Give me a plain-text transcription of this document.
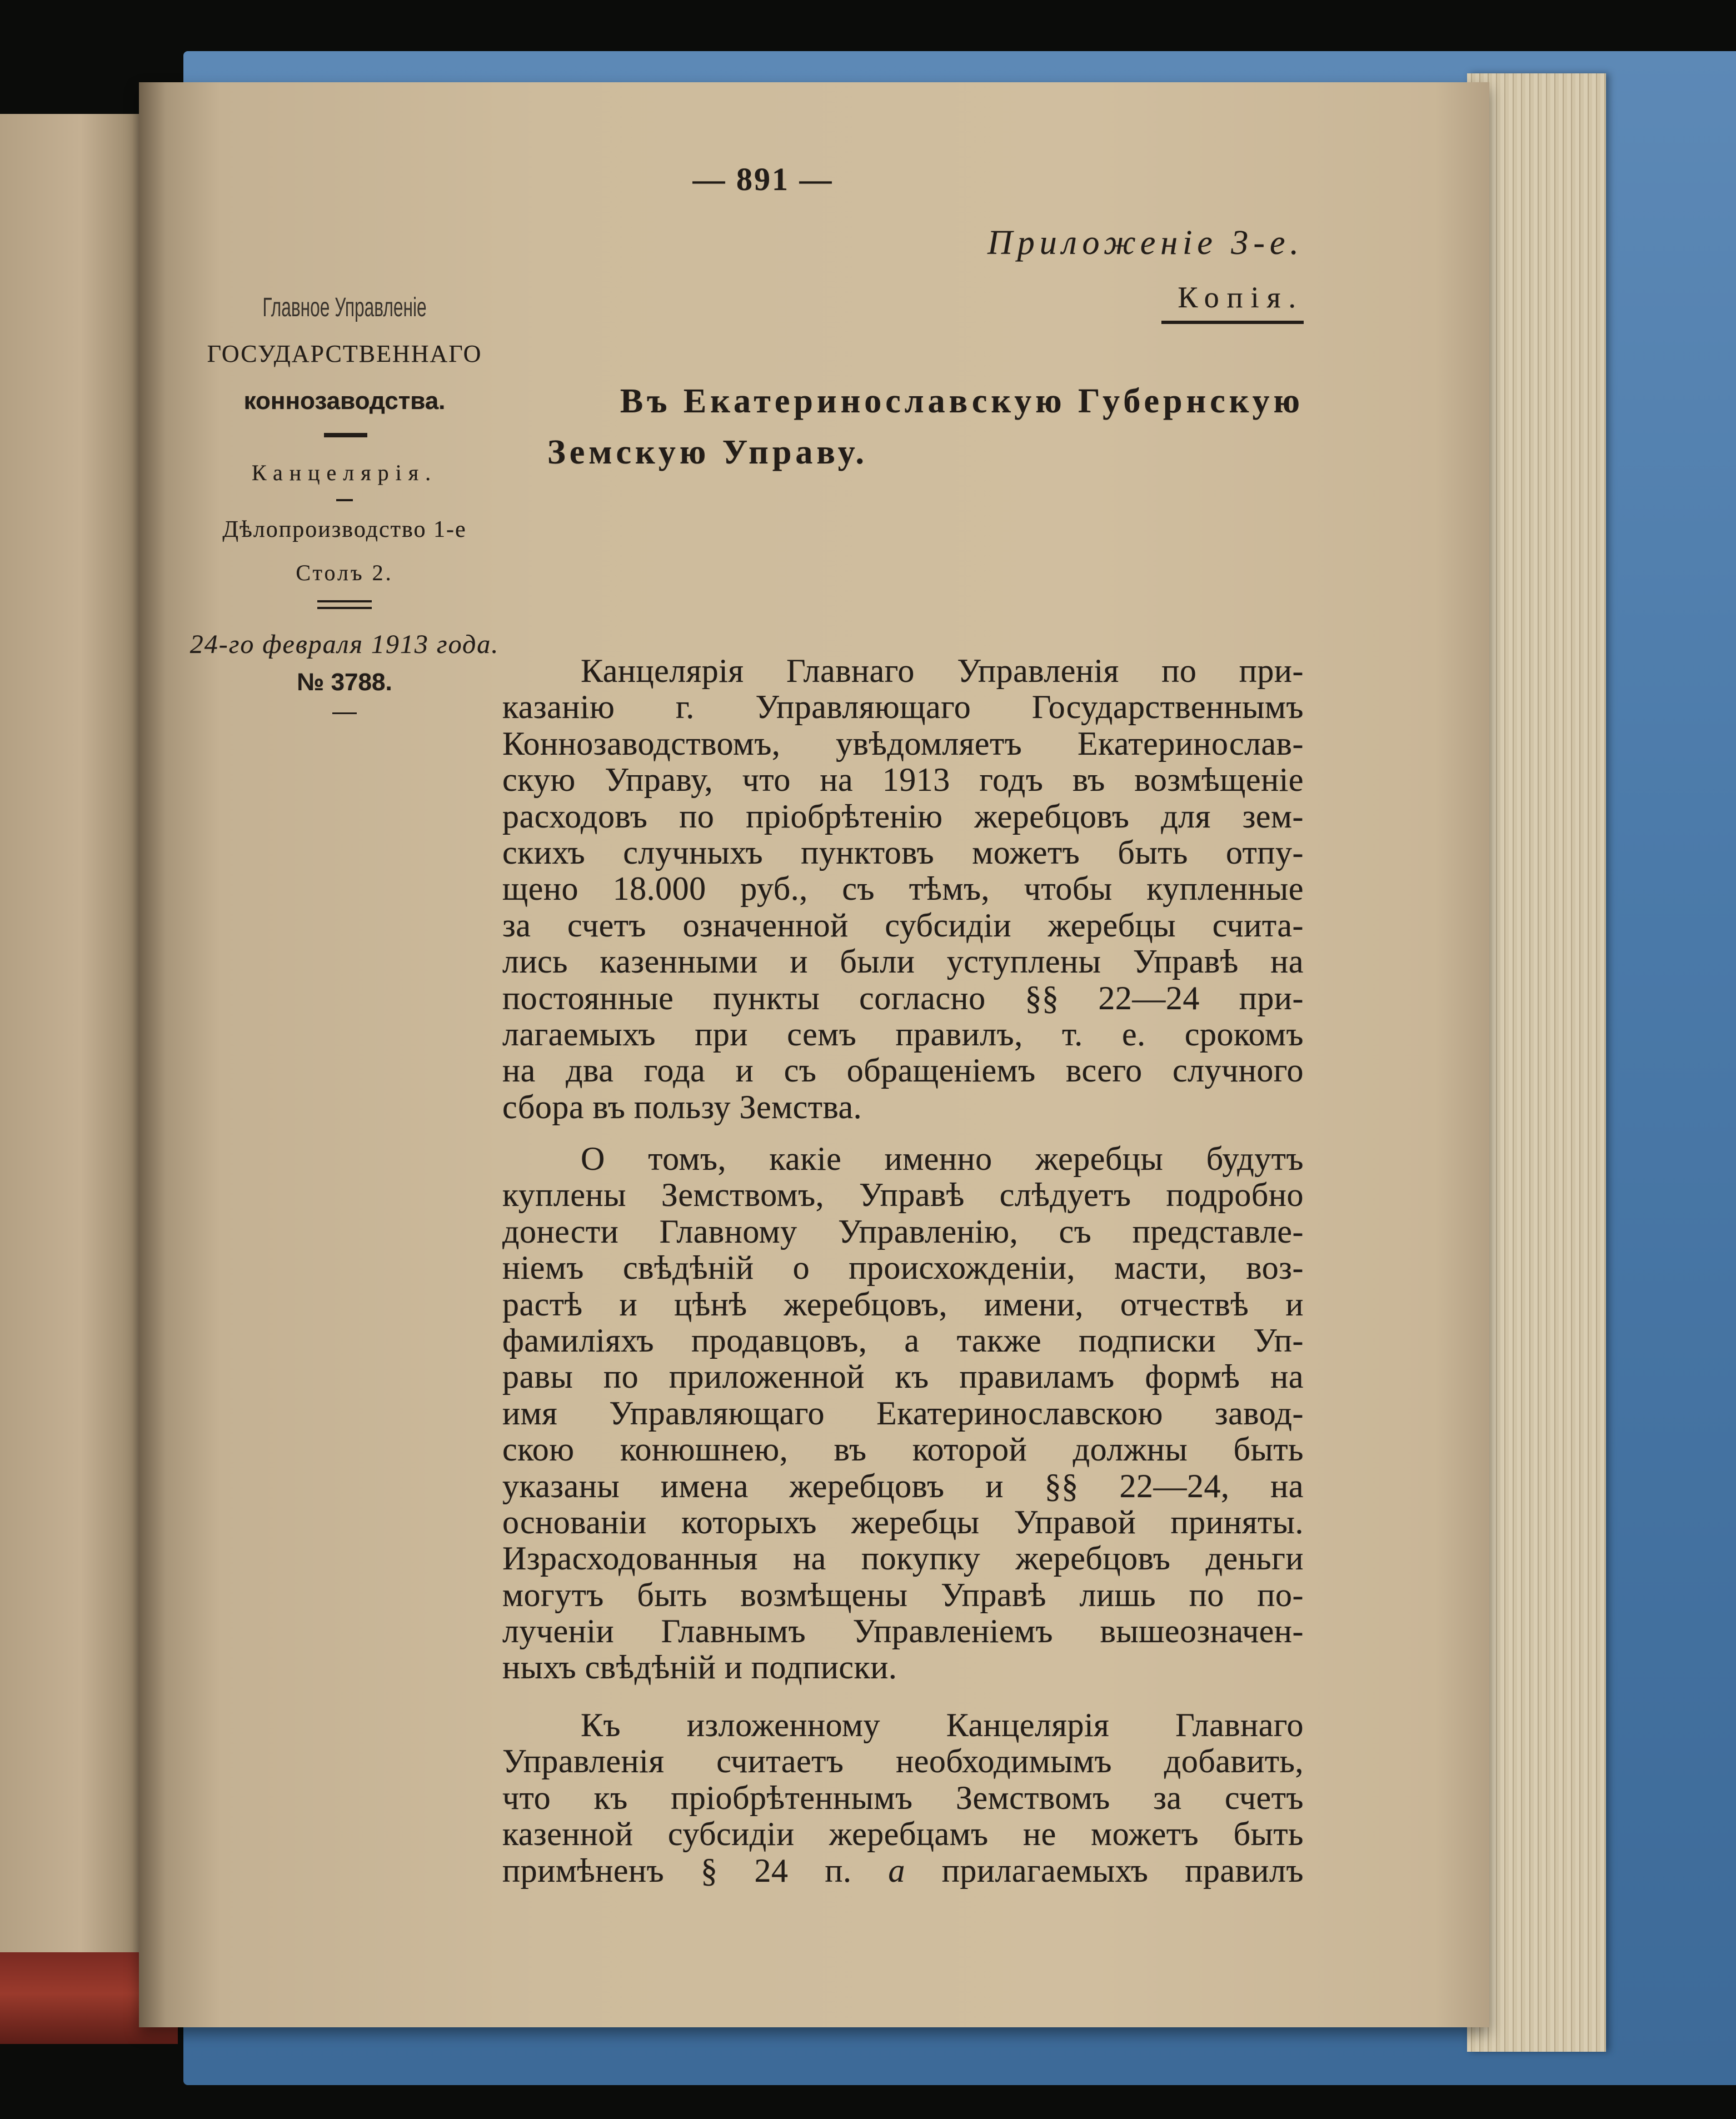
— 891 —
Приложеніе 3-е.
Копія.
Главное Управленіе
ГОСУДАРСТВЕННАГО
коннозаводства.
Канцелярія.
Дѣлопроизводство 1-е
Столъ 2.
24-го февраля 1913 года.
№ 3788.
Въ Екатеринославскую Губернскую
Земскую Управу.
Канцелярія Главнаго Управленія по при-
казанію г. Управляющаго Государственнымъ
Коннозаводствомъ, увѣдомляетъ Екатеринослав-
скую Управу, что на 1913 годъ въ возмѣщеніе
расходовъ по пріобрѣтенію жеребцовъ для зем-
скихъ случныхъ пунктовъ можетъ быть отпу-
щено 18.000 руб., съ тѣмъ, чтобы купленные
за счетъ означенной субсидіи жеребцы счита-
лись казенными и были уступлены Управѣ на
постоянные пункты согласно §§ 22—24 при-
лагаемыхъ при семъ правилъ, т. е. срокомъ
на два года и съ обращеніемъ всего случного
сбора въ пользу Земства.
О томъ, какіе именно жеребцы будутъ
куплены Земствомъ, Управѣ слѣдуетъ подробно
донести Главному Управленію, съ представле-
ніемъ свѣдѣній о происхожденіи, масти, воз-
растѣ и цѣнѣ жеребцовъ, имени, отчествѣ и
фамиліяхъ продавцовъ, а также подписки Уп-
равы по приложенной къ правиламъ формѣ на
имя Управляющаго Екатеринославскою завод-
скою конюшнею, въ которой должны быть
указаны имена жеребцовъ и §§ 22—24, на
основаніи которыхъ жеребцы Управой приняты.
Израсходованныя на покупку жеребцовъ деньги
могутъ быть возмѣщены Управѣ лишь по по-
лученіи Главнымъ Управленіемъ вышеозначен-
ныхъ свѣдѣній и подписки.
Къ изложенному Канцелярія Главнаго
Управленія считаетъ необходимымъ добавить,
что къ пріобрѣтеннымъ Земствомъ за счетъ
казенной субсидіи жеребцамъ не можетъ быть
примѣненъ § 24 п. а прилагаемыхъ правилъ
